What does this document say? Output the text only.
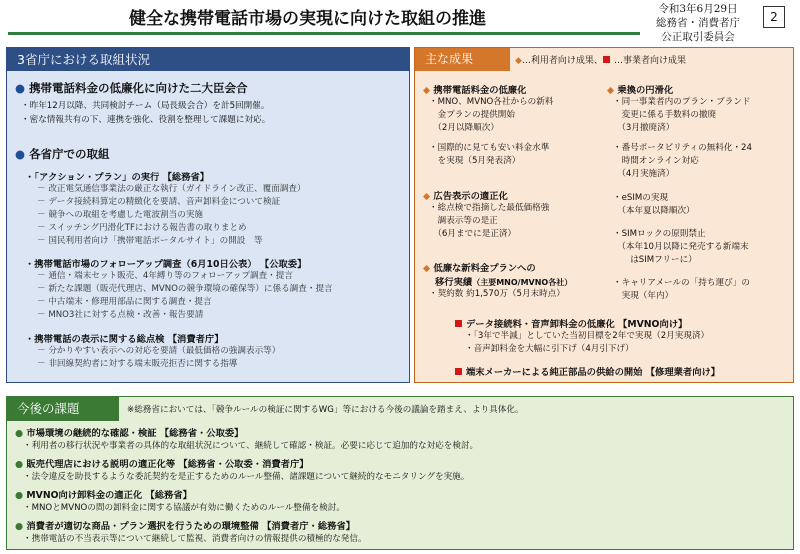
健全な携帯電話市場の実現に向けた取組の推進	令和3年6月29日
総務省・消費者庁
公正取引委員会
2
3省庁における取組状況
● 携帯電話料金の低廉化に向けた二大臣会合
・昨年12月以降、共同検討チーム（局長級会合）を計5回開催。
・密な情報共有の下、連携を強化、役割を整理して課題に対応。
● 各省庁での取組
・「アクション・プラン」の実行 【総務省】
－ 改正電気通信事業法の厳正な執行（ガイドライン改正、覆面調査）
－ データ接続料算定の精緻化を要請、音声卸料金について検証
－ 競争への取組を考慮した電波割当の実施
－ スイッチング円滑化TFにおける報告書の取りまとめ
－ 国民利用者向け「携帯電話ポータルサイト」の開設　等
・携帯電話市場のフォローアップ調査（6月10日公表） 【公取委】
－ 通信・端末セット販売、4年縛り等のフォローアップ調査・提言
－ 新たな課題（販売代理店、MVNOの競争環境の確保等）に係る調査・提言
－ 中古端末・修理用部品に関する調査・提言
－ MNO3社に対する点検・改善・報告要請
・携帯電話の表示に関する総点検 【消費者庁】
－ 分かりやすい表示への対応を要請（最低価格の強調表示等）
－ 非回線契約者に対する端末販売拒否に関する指導
主な成果	◆…利用者向け成果、 …事業者向け成果
◆ 携帯電話料金の低廉化
・MNO、MVNO各社からの新料
　金プランの提供開始
　（2月以降順次）
・国際的に見ても安い料金水準
　を実現（5月発表済）
◆ 広告表示の適正化
・総点検で指摘した最低価格強
　調表示等の是正
　（6月までに是正済）
◆ 低廉な新料金プランへの
移行実績（主要MNO/MVNO各社）
・契約数 約1,570万（5月末時点）
◆ 乗換の円滑化
・同一事業者内のプラン・ブランド
　変更に係る手数料の撤廃
　（3月撤廃済）
・番号ポータビリティの無料化・24
　時間オンライン対応
　（4月実施済）
・eSIMの実現
　（本年夏以降順次）
・SIMロックの原則禁止
　（本年10月以降に発売する新端末
　　はSIMフリーに）
・キャリアメールの「持ち運び」の
　実現（年内）
データ接続料・音声卸料金の低廉化 【MVNO向け】
・「3年で半減」としていた当初目標を2年で実現（2月実現済）
・音声卸料金を大幅に引下げ（4月引下げ）
端末メーカーによる純正部品の供給の開始 【修理業者向け】
今後の課題	※総務省においては、「競争ルールの検証に関するWG」等における今後の議論を踏まえ、より具体化。
● 市場環境の継続的な確認・検証 【総務省・公取委】
・利用者の移行状況や事業者の具体的な取組状況について、継続して確認・検証。必要に応じて追加的な対応を検討。
● 販売代理店における説明の適正化等 【総務省・公取委・消費者庁】
・法令違反を助長するような委託契約を是正するためのルール整備、諸課題について継続的なモニタリングを実施。
● MVNO向け卸料金の適正化 【総務省】
・MNOとMVNOの間の卸料金に関する協議が有効に働くためのルール整備を検討。
● 消費者が適切な商品・プラン選択を行うための環境整備 【消費者庁・総務省】
・携帯電話の不当表示等について継続して監視、消費者向けの情報提供の積極的な発信。
